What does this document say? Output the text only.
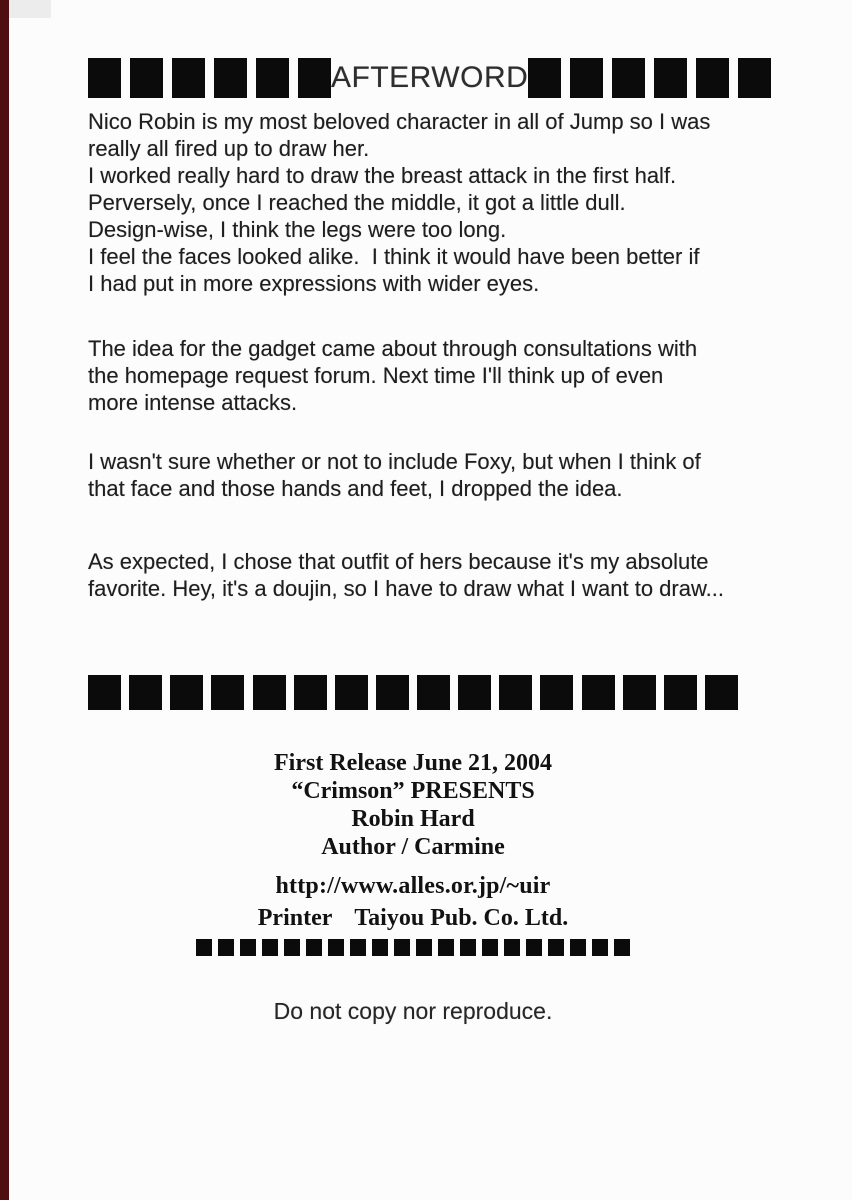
AFTERWORD
Nico Robin is my most beloved character in all of Jump so I was
really all fired up to draw her.
I worked really hard to draw the breast attack in the first half.
Perversely, once I reached the middle, it got a little dull.
Design-wise, I think the legs were too long.
I feel the faces looked alike.  I think it would have been better if
I had put in more expressions with wider eyes.
The idea for the gadget came about through consultations with
the homepage request forum. Next time I'll think up of even
more intense attacks.
I wasn't sure whether or not to include Foxy, but when I think of
that face and those hands and feet, I dropped the idea.
As expected, I chose that outfit of hers because it's my absolute
favorite. Hey, it's a doujin, so I have to draw what I want to draw...
First Release June 21, 2004
“Crimson” PRESENTS
Robin Hard
Author / Carmine
http://www.alles.or.jp/~uir
Printer Taiyou Pub. Co. Ltd.
Do not copy nor reproduce.
